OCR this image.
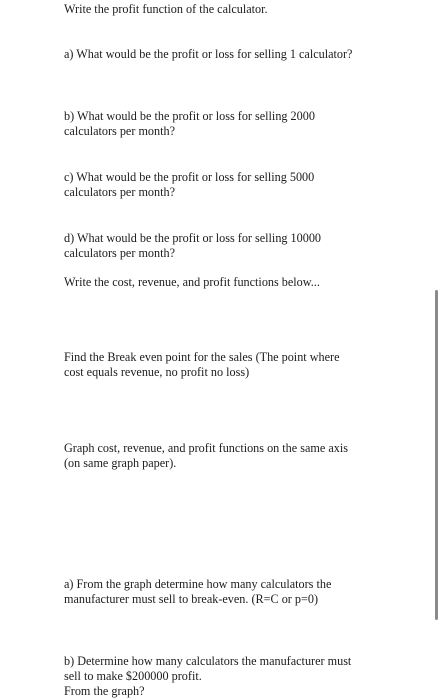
Write the profit function of the calculator.

a) What would be the profit or loss for selling 1 calculator?

b) What would be the profit or loss for selling 2000
calculators per month?

c) What would be the profit or loss for selling 5000
calculators per month?

d) What would be the profit or loss for selling 10000
calculators per month?

Write the cost, revenue, and profit functions below...

Find the Break even point for the sales (The point where
cost equals revenue, no profit no loss)

Graph cost, revenue, and profit functions on the same axis
(on same graph paper).

a) From the graph determine how many calculators the
manufacturer must sell to break-even. (R=C or p=0)

b) Determine how many calculators the manufacturer must
sell to make $200000 profit.
From the graph?
